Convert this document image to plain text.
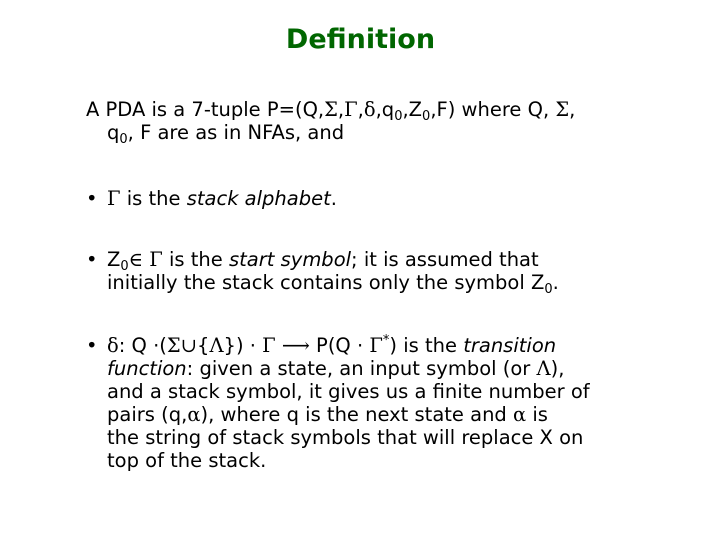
Definition
A PDA is a 7-tuple $P=(Q,\Sigma,\Gamma,\delta,q_0,Z_0,F)$ where Q, Σ,
$q_0$, F are as in NFAs, and
• Γ is the stack alphabet.
• $Z_0\in$ Γ is the start symbol; it is assumed that
initially the stack contains only the symbol $Z_0$.
• δ: Q ·(Σ∪{Λ}) · Γ ⟶ P(Q · Γ*) is the transition
function: given a state, an input symbol (or Λ),
and a stack symbol, it gives us a finite number of
pairs (q,α), where q is the next state and α is
the string of stack symbols that will replace X on
top of the stack.
